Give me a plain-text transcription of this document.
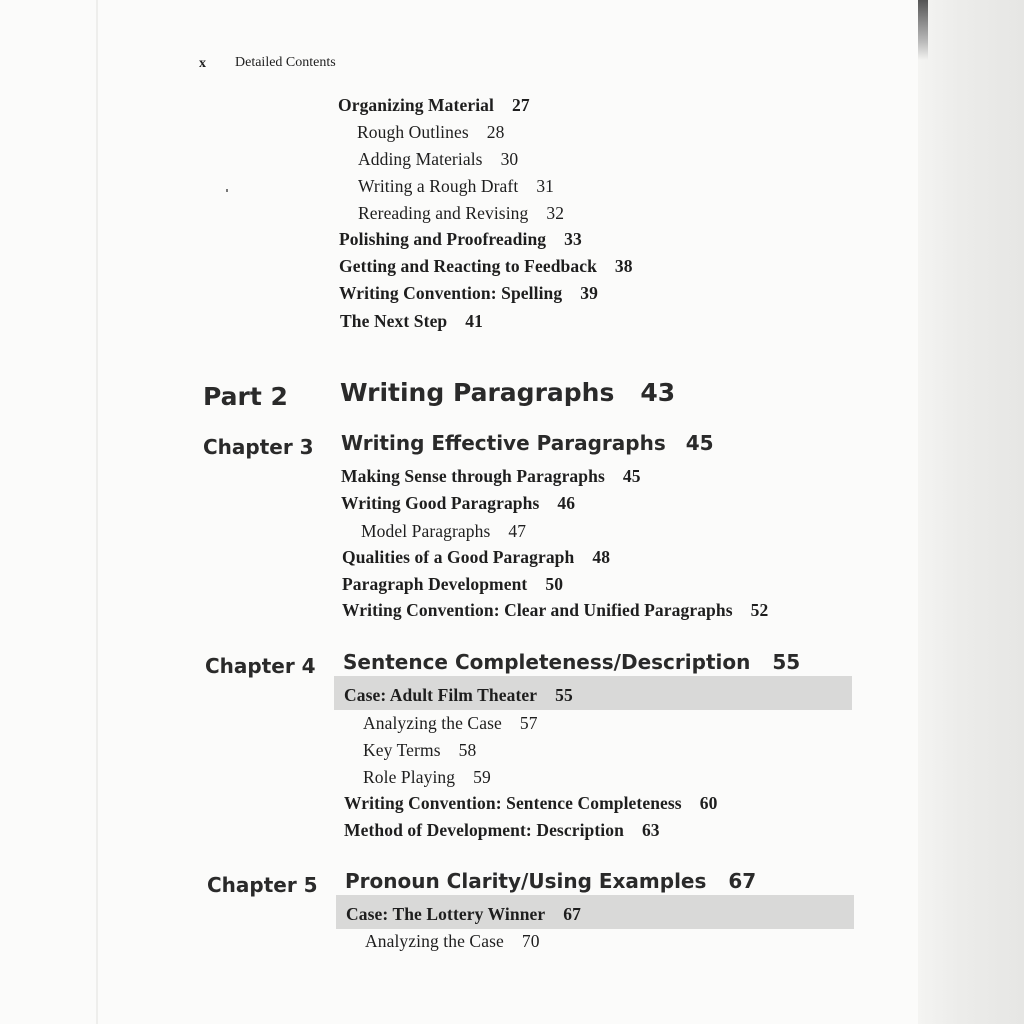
x Detailed Contents
Organizing Material 27
Rough Outlines 28
Adding Materials 30
Writing a Rough Draft 31
Rereading and Revising 32
Polishing and Proofreading 33
Getting and Reacting to Feedback 38
Writing Convention: Spelling 39
The Next Step 41
Part 2 Writing Paragraphs 43
Chapter 3 Writing Effective Paragraphs 45
Making Sense through Paragraphs 45
Writing Good Paragraphs 46
Model Paragraphs 47
Qualities of a Good Paragraph 48
Paragraph Development 50
Writing Convention: Clear and Unified Paragraphs 52
Chapter 4 Sentence Completeness/Description 55
Case: Adult Film Theater 55
Analyzing the Case 57
Key Terms 58
Role Playing 59
Writing Convention: Sentence Completeness 60
Method of Development: Description 63
Chapter 5 Pronoun Clarity/Using Examples 67
Case: The Lottery Winner 67
Analyzing the Case 70
